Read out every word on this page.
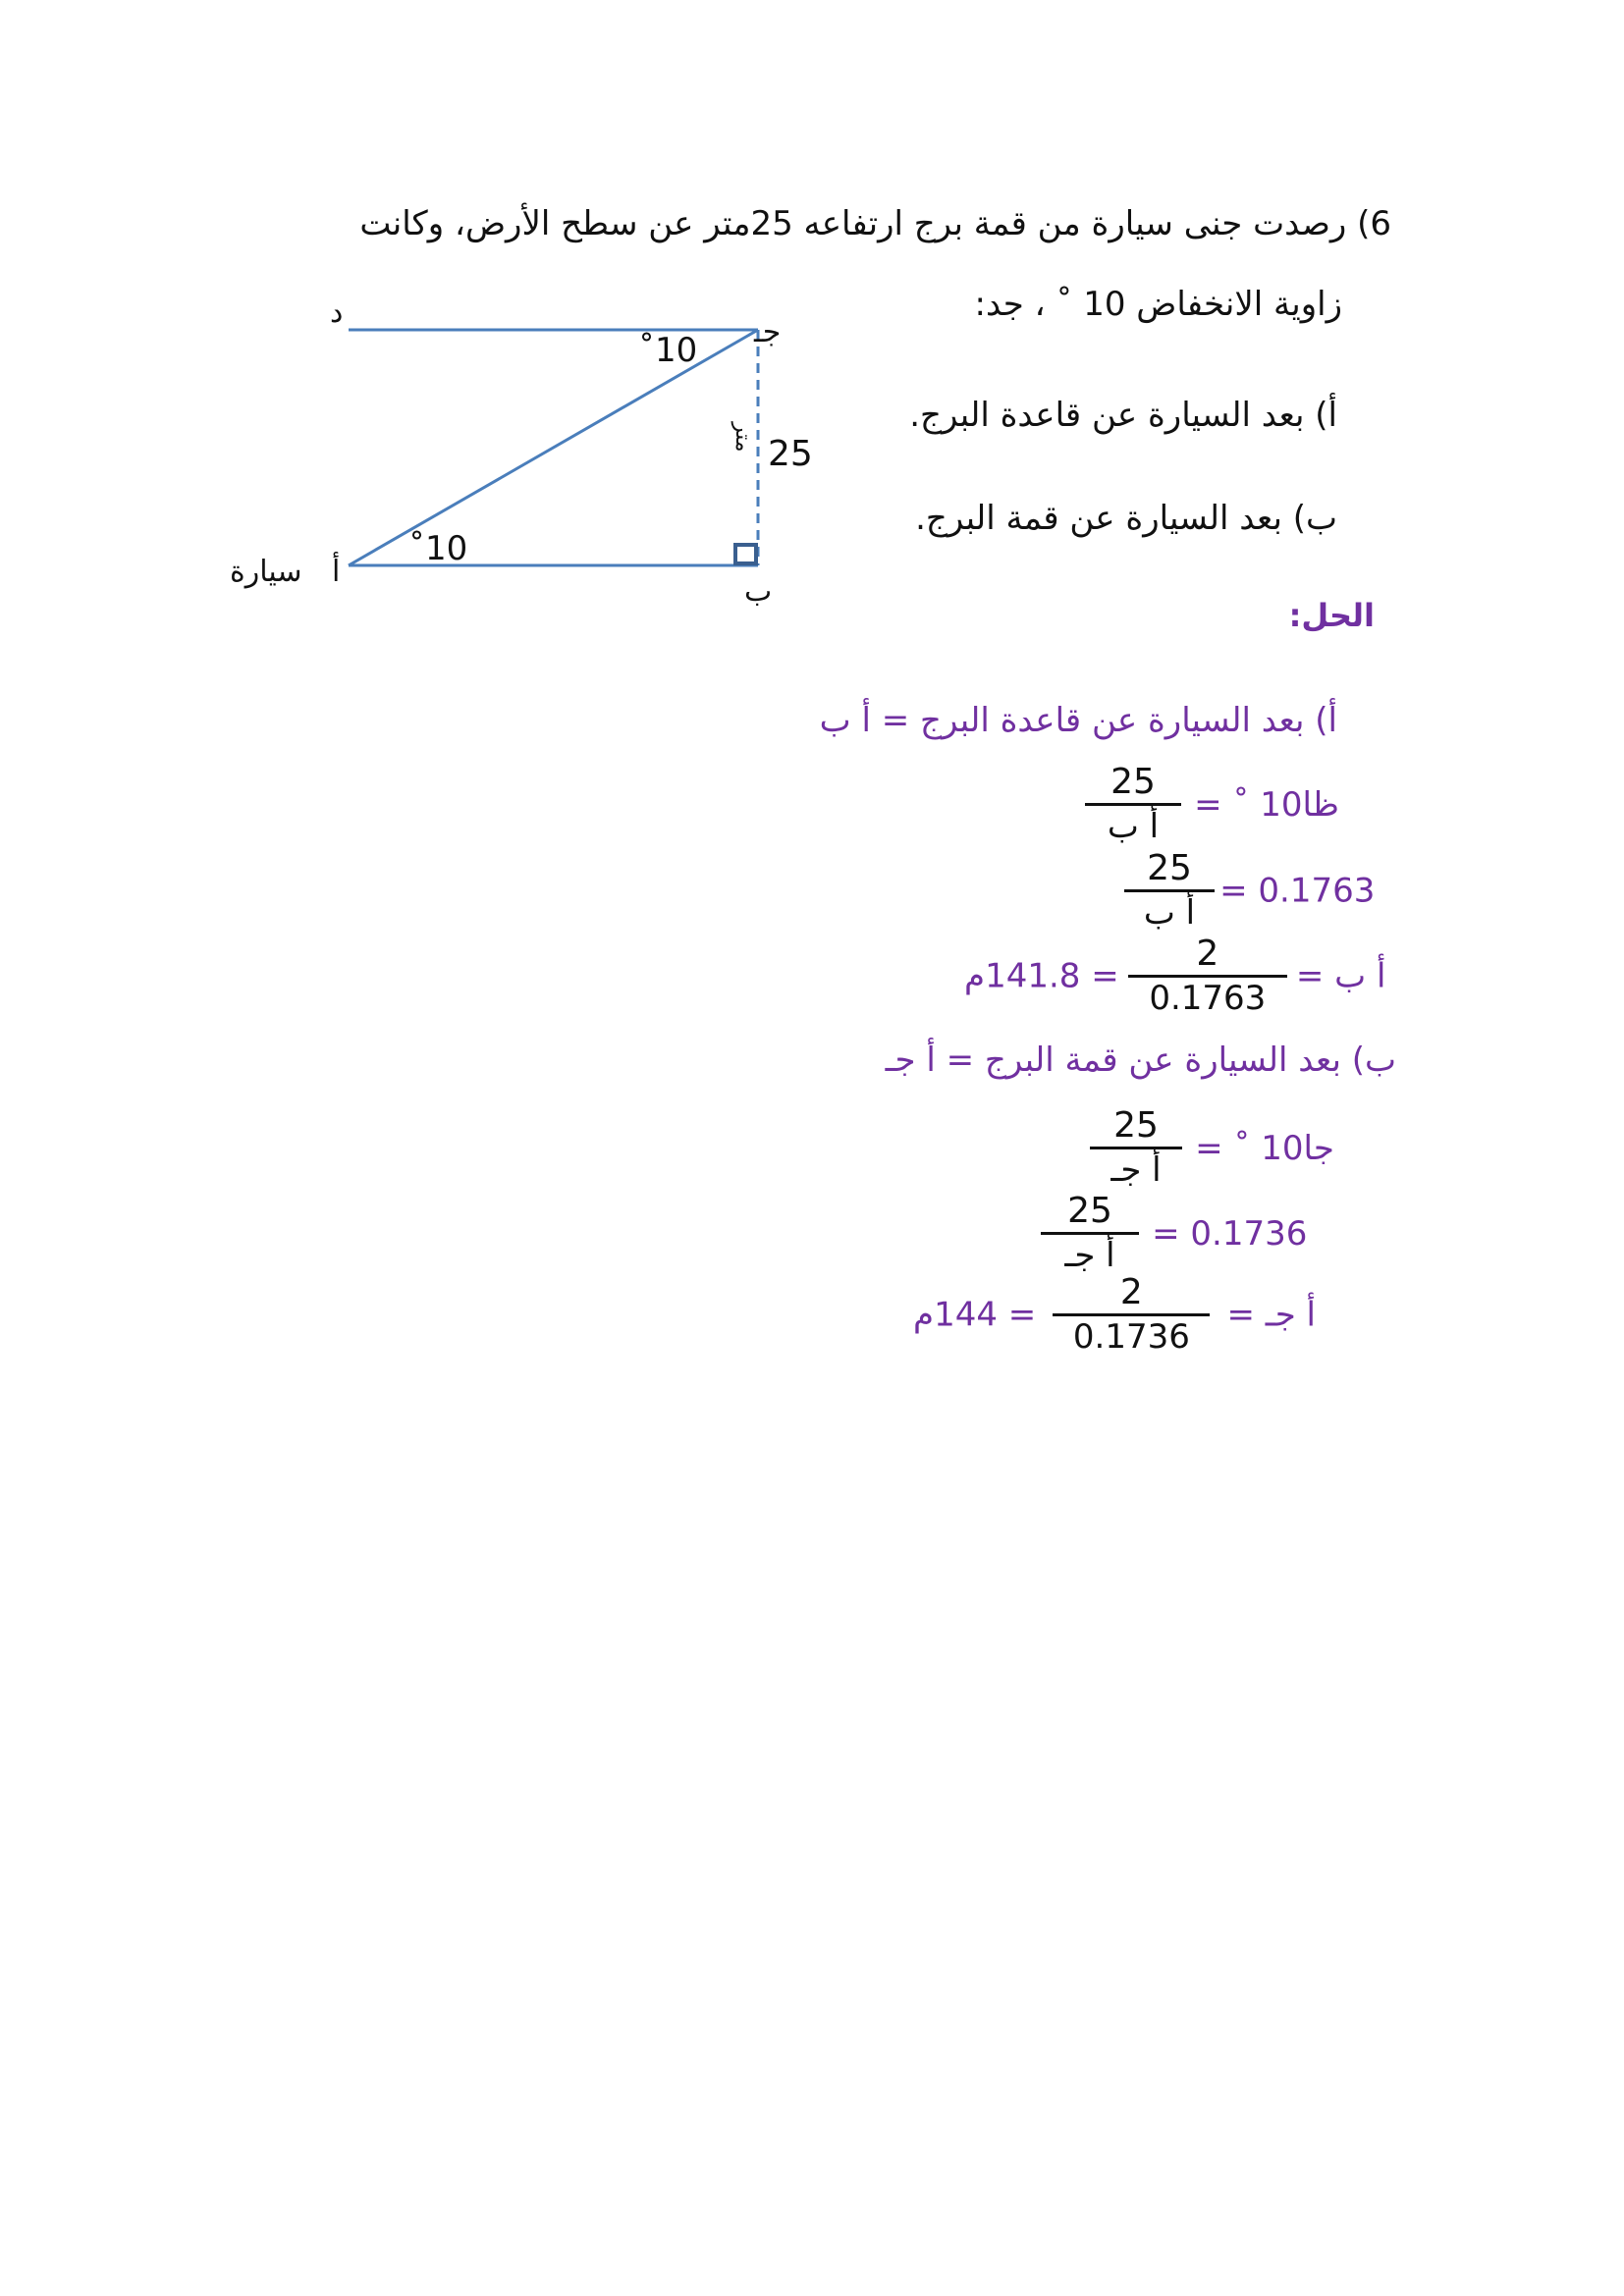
6) رصدت جنى سيارة من قمة برج ارتفاعه 25متر عن سطح الأرض، وكانت
زاوية الانخفاض 10 ˚ ، جد:
أ) بعد السيارة عن قاعدة البرج.
ب) بعد السيارة عن قمة البرج.
د
جـ
ب
أ
سيارة
˚10
˚10
25
متر
الحل:
أ) بعد السيارة عن قاعدة البرج = أ ب
$\frac{25}{\text{أ ب}}$ ظا10 ˚ =
$\frac{25}{\text{أ ب}} = 0.1763$
= 141.8م $\frac{2}{0.1763}$ أ ب =
ب) بعد السيارة عن قمة البرج = أ جـ
$\frac{25}{\text{أ جـ}}$ جا10 ˚ =
$\frac{25}{\text{أ جـ}} = 0.1736$
= 144م $\frac{2}{0.1736}$ أ جـ =
